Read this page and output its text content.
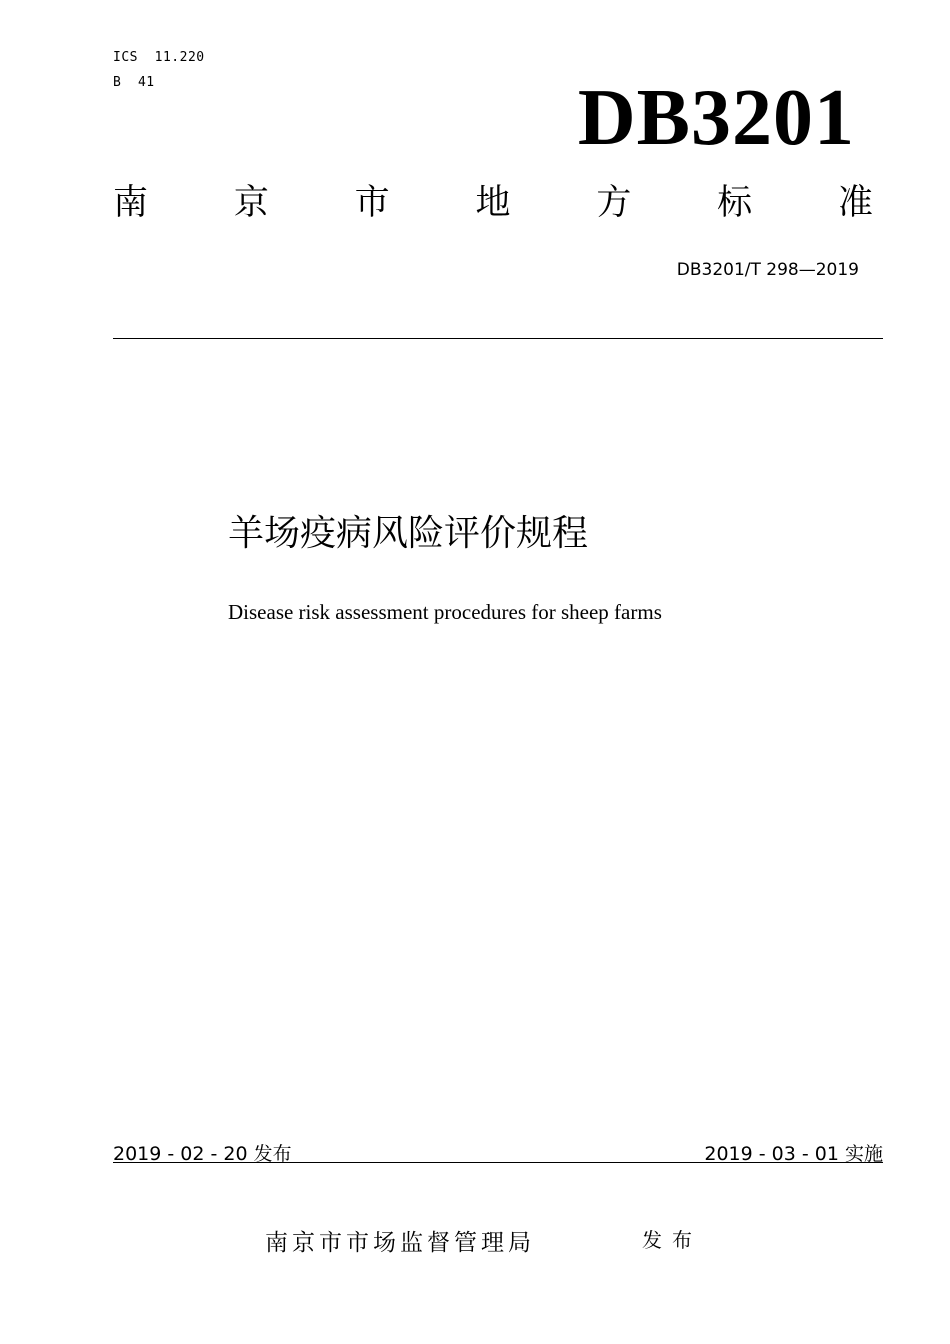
ICS  11.220
B  41	DB3201
南 京 市 地 方 标 准
DB3201/T 298—2019
羊场疫病风险评价规程
Disease risk assessment procedures for sheep farms
2019 - 02 - 20 发布	2019 - 03 - 01 实施
南京市市场监督管理局	发布
